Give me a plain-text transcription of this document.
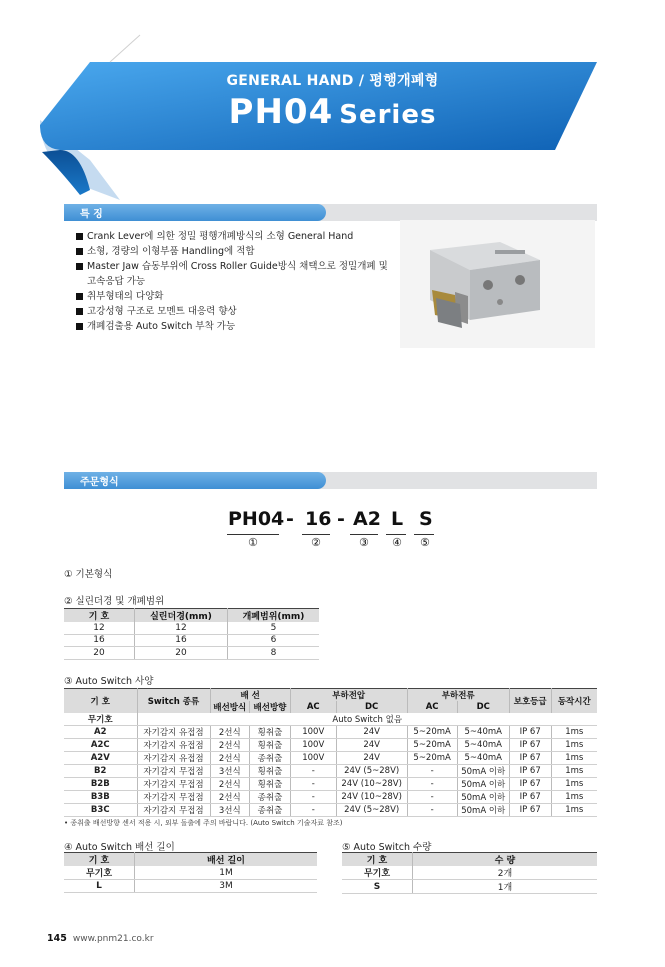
GENERAL HAND / 평행개폐형
PH04 Series
특 징
Crank Lever에 의한 정밀 평행개폐방식의 소형 General Hand
소형, 경량의 이형부품 Handling에 적합
Master Jaw 습동부위에 Cross Roller Guide방식 채택으로 정밀개폐 및 고속응답 가능
취부형태의 다양화
고강성형 구조로 모멘트 대응력 향상
개폐검출용 Auto Switch 부착 가능
주문형식
PH04 - 16 - A2 L S
①	②	③ ④ ⑤
① 기본형식
② 실린더경 및 개폐범위
기 호	실린더경(mm)	개폐범위(mm)
12	12	5
16	16	6
20	20	8
③ Auto Switch 사양
기 호	Switch 종류	배 선		부하전압		부하전류		보호등급	동작시간
		배선방식	배선방향	AC	DC	AC	DC		
무기호	Auto Switch 없음								
A2	자기감지 유접점	2선식	횡취출	100V	24V	5~20mA	5~40mA	IP 67	1ms
A2C	자기감지 유접점	2선식	횡취출	100V	24V	5~20mA	5~40mA	IP 67	1ms
A2V	자기감지 유접점	2선식	종취출	100V	24V	5~20mA	5~40mA	IP 67	1ms
B2	자기감지 무접점	3선식	횡취출	-	24V (5~28V)	-	50mA 이하	IP 67	1ms
B2B	자기감지 무접점	2선식	횡취출	-	24V (10~28V)	-	50mA 이하	IP 67	1ms
B3B	자기감지 무접점	2선식	종취출	-	24V (10~28V)	-	50mA 이하	IP 67	1ms
B3C	자기감지 무접점	3선식	종취출	-	24V (5~28V)	-	50mA 이하	IP 67	1ms
• 종취출 배선방향 센서 적용 시, 외부 돌출에 주의 바랍니다. (Auto Switch 기술자료 참조)
④ Auto Switch 배선 길이
기 호	배선 길이
무기호	1M
L	3M
⑤ Auto Switch 수량
기 호	수 량
무기호	2개
S	1개
145 www.pnm21.co.kr
